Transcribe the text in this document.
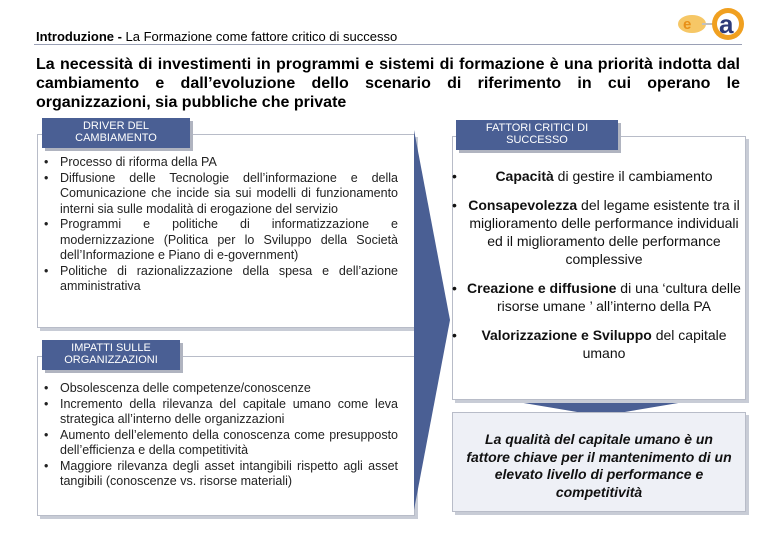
Introduzione - La Formazione come fattore critico di successo
e a
La necessità di investimenti in programmi e sistemi di formazione è una priorità indotta dal cambiamento e dall’evoluzione dello scenario di riferimento in cui operano le organizzazioni, sia pubbliche che private
DRIVER DEL CAMBIAMENTO
• Processo di riforma della PA
• Diffusione delle Tecnologie dell’informazione e della Comunicazione che incide sia sui modelli di funzionamento interni sia sulle modalità di erogazione del servizio
• Programmi e politiche di informatizzazione e modernizzazione (Politica per lo Sviluppo della Società dell’Informazione e Piano di e-government)
• Politiche di razionalizzazione della spesa e dell’azione amministrativa
IMPATTI SULLE ORGANIZZAZIONI
• Obsolescenza delle competenze/conoscenze
• Incremento della rilevanza del capitale umano come leva strategica all’interno delle organizzazioni
• Aumento dell’elemento della conoscenza come presupposto dell’efficienza e della competitività
• Maggiore rilevanza degli asset intangibili rispetto agli asset tangibili (conoscenze vs. risorse materiali)
FATTORI CRITICI DI SUCCESSO
• Capacità di gestire il cambiamento
• Consapevolezza del legame esistente tra il miglioramento delle performance individuali ed il miglioramento delle performance complessive
• Creazione e diffusione di una ‘cultura delle risorse umane ’ all’interno della PA
• Valorizzazione e Sviluppo del capitale umano
La qualità del capitale umano è un fattore chiave per il mantenimento di un elevato livello di performance e competitività
